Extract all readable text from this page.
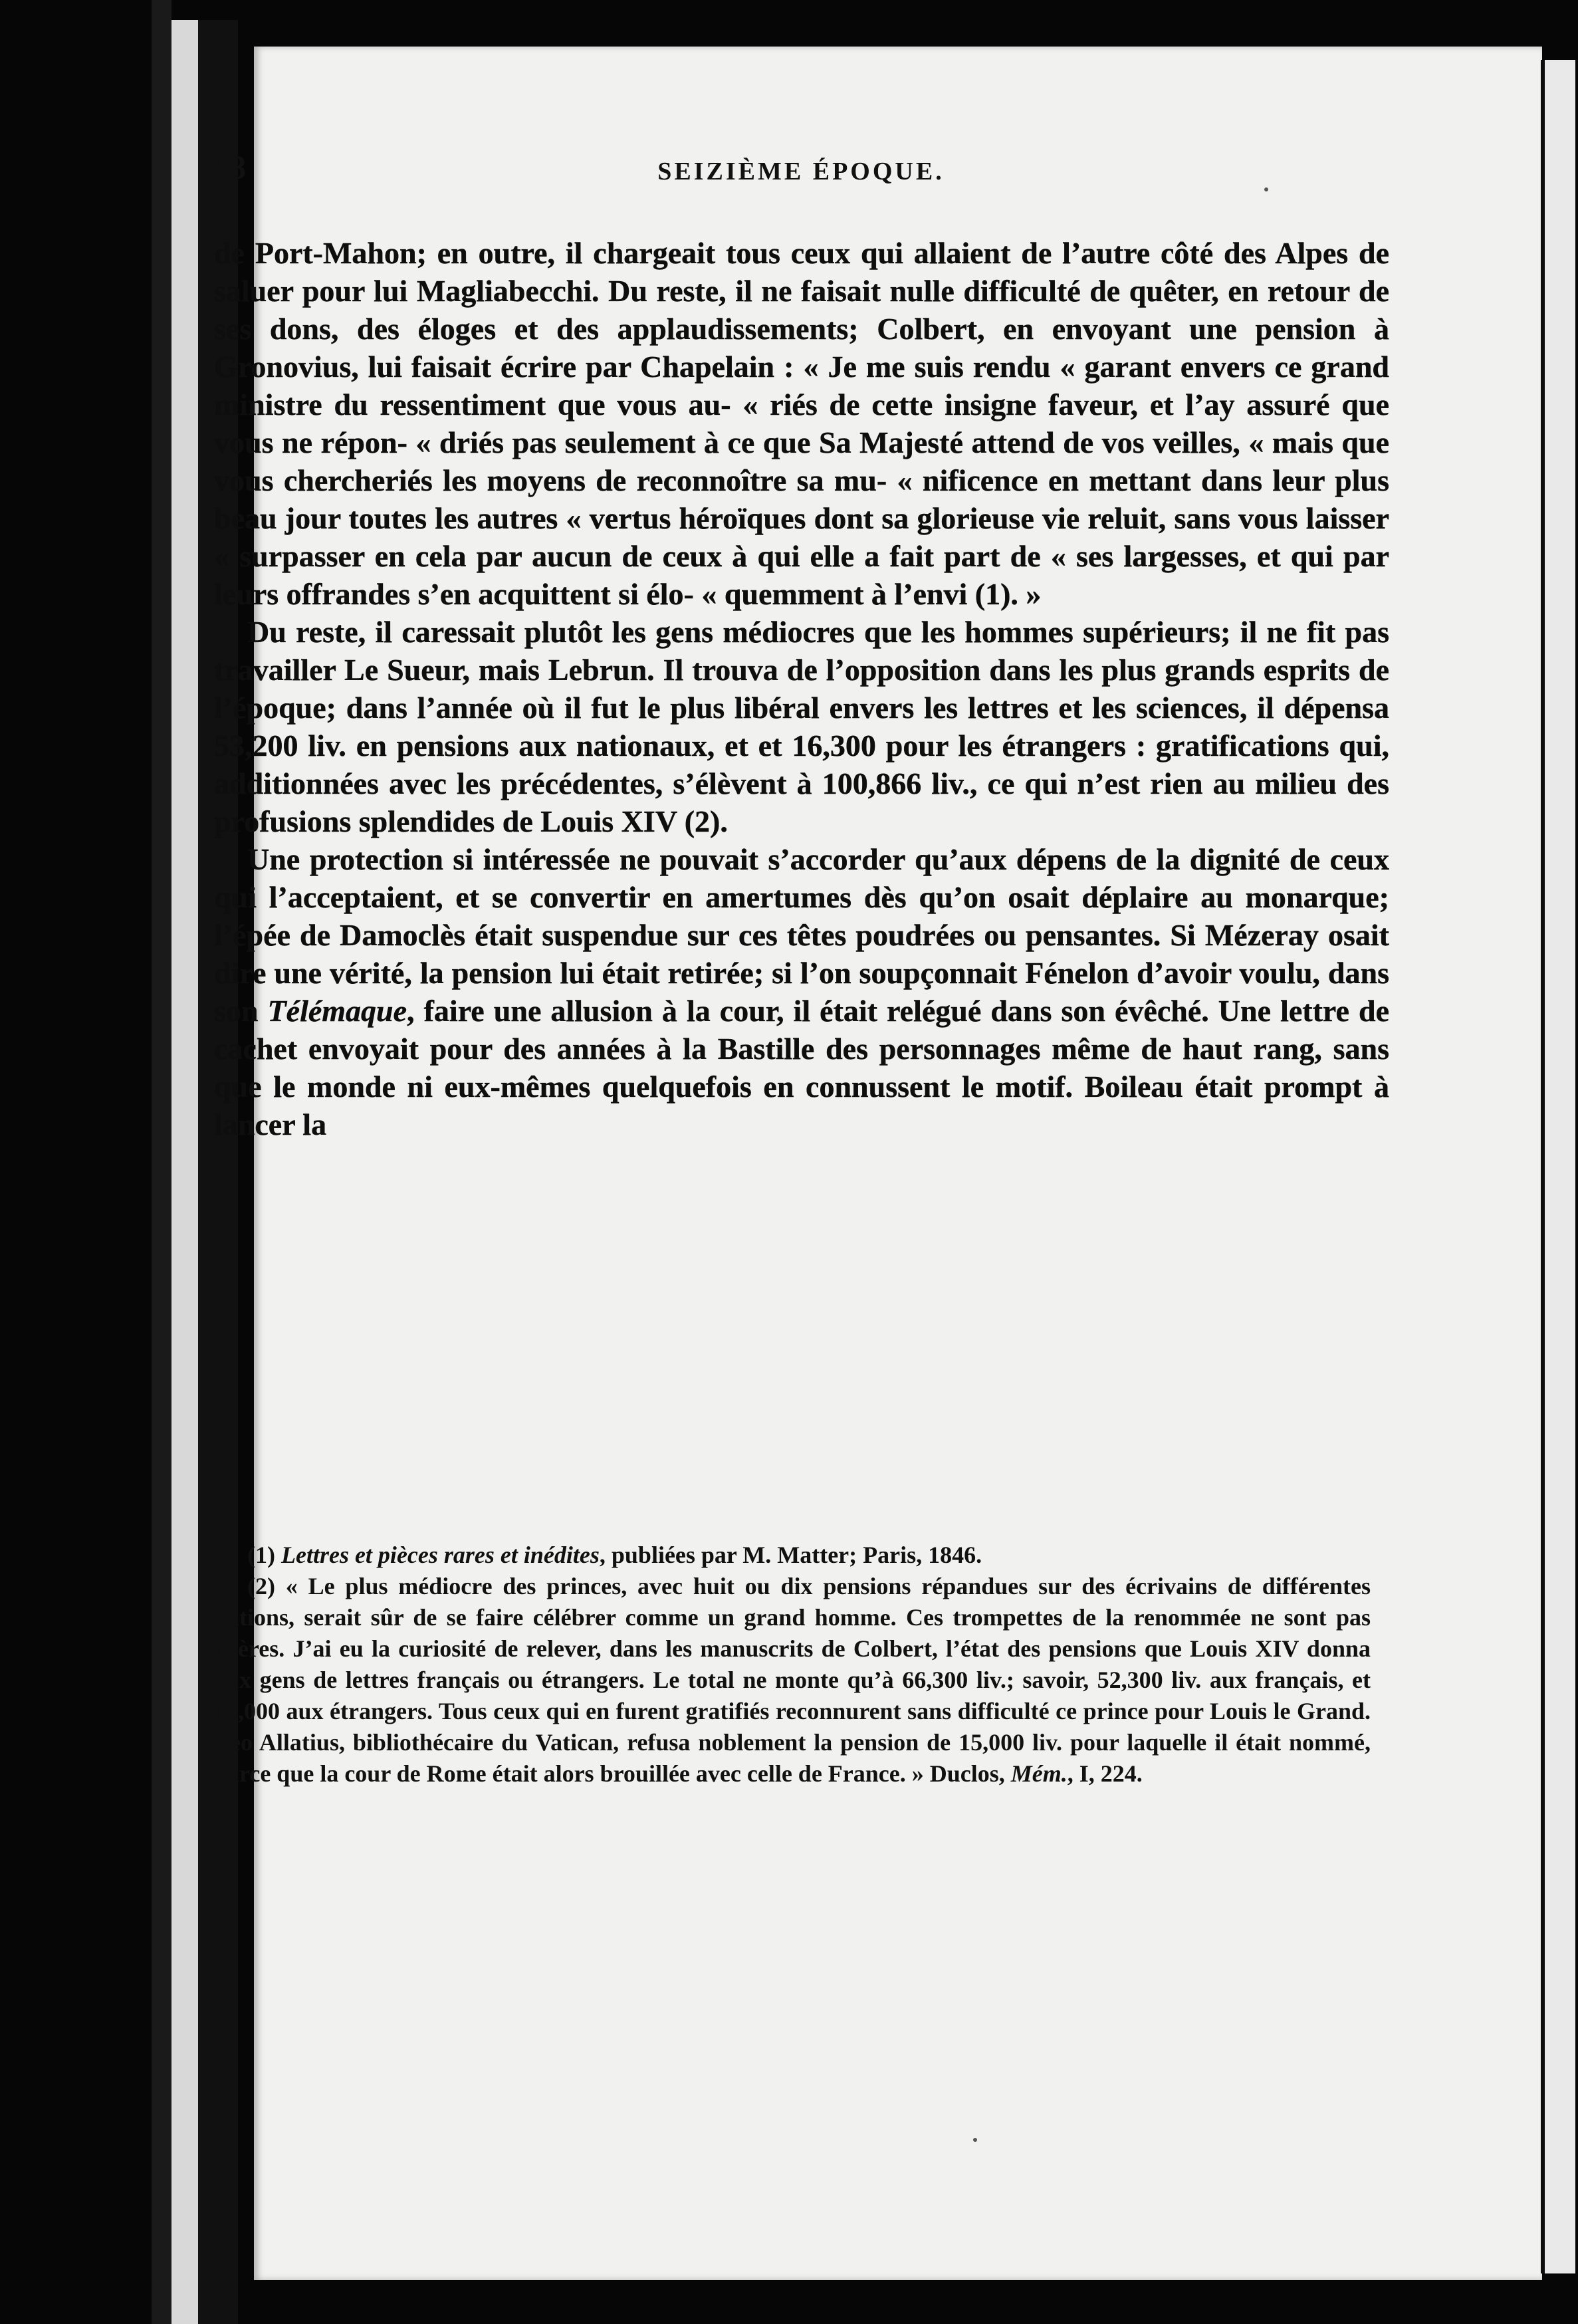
98	SEIZIÈME ÉPOQUE.

de Port-Mahon; en outre, il chargeait tous ceux qui allaient de l’autre côté des Alpes de saluer pour lui Magliabecchi. Du reste, il ne faisait nulle difficulté de quêter, en retour de ses dons, des éloges et des applaudissements; Colbert, en envoyant une pension à Gronovius, lui faisait écrire par Chapelain : « Je me suis rendu « garant envers ce grand ministre du ressentiment que vous au- « riés de cette insigne faveur, et l’ay assuré que vous ne répon- « driés pas seulement à ce que Sa Majesté attend de vos veilles, « mais que vous chercheriés les moyens de reconnoître sa mu- « nificence en mettant dans leur plus beau jour toutes les autres « vertus héroïques dont sa glorieuse vie reluit, sans vous laisser « surpasser en cela par aucun de ceux à qui elle a fait part de « ses largesses, et qui par leurs offrandes s’en acquittent si élo- « quemment à l’envi (1). »

Du reste, il caressait plutôt les gens médiocres que les hommes supérieurs; il ne fit pas travailler Le Sueur, mais Lebrun. Il trouva de l’opposition dans les plus grands esprits de l’époque; dans l’année où il fut le plus libéral envers les lettres et les sciences, il dépensa 53,200 liv. en pensions aux nationaux, et et 16,300 pour les étrangers : gratifications qui, additionnées avec les précédentes, s’élèvent à 100,866 liv., ce qui n’est rien au milieu des profusions splendides de Louis XIV (2).

Une protection si intéressée ne pouvait s’accorder qu’aux dépens de la dignité de ceux qui l’acceptaient, et se convertir en amertumes dès qu’on osait déplaire au monarque; l’épée de Damoclès était suspendue sur ces têtes poudrées ou pensantes. Si Mézeray osait dire une vérité, la pension lui était retirée; si l’on soupçonnait Fénelon d’avoir voulu, dans son Télémaque, faire une allusion à la cour, il était relégué dans son évêché. Une lettre de cachet envoyait pour des années à la Bastille des personnages même de haut rang, sans que le monde ni eux-mêmes quelquefois en connussent le motif. Boileau était prompt à lancer la

(1) Lettres et pièces rares et inédites, publiées par M. Matter; Paris, 1846.

(2) « Le plus médiocre des princes, avec huit ou dix pensions répandues sur des écrivains de différentes nations, serait sûr de se faire célébrer comme un grand homme. Ces trompettes de la renommée ne sont pas chères. J’ai eu la curiosité de relever, dans les manuscrits de Colbert, l’état des pensions que Louis XIV donna aux gens de lettres français ou étrangers. Le total ne monte qu’à 66,300 liv.; savoir, 52,300 liv. aux français, et 14,000 aux étrangers. Tous ceux qui en furent gratifiés reconnurent sans difficulté ce prince pour Louis le Grand. Leo Allatius, bibliothécaire du Vatican, refusa noblement la pension de 15,000 liv. pour laquelle il était nommé, parce que la cour de Rome était alors brouillée avec celle de France. » Duclos, Mém., I, 224.
